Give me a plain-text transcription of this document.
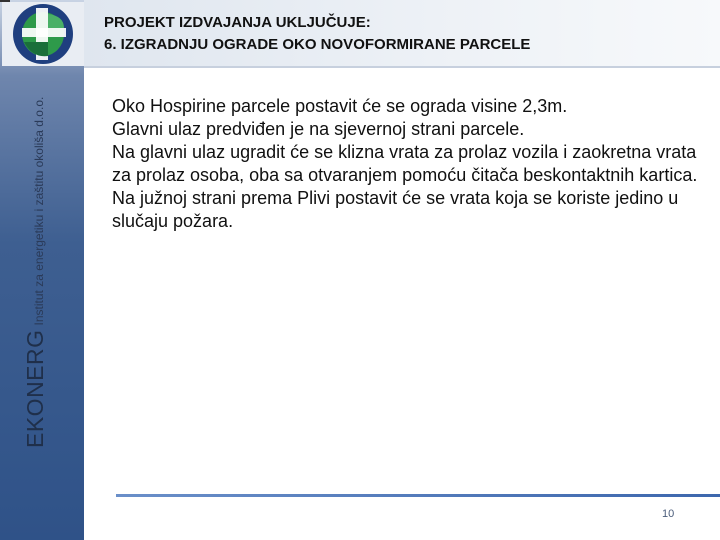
PROJEKT IZDVAJANJA UKLJUČUJE:
6. IZGRADNJU OGRADE OKO NOVOFORMIRANE PARCELE
EKONERG
Institut za energetiku i zaštitu okoliša d.o.o.	Oko Hospirine parcele postavit će se ograda visine 2,3m.

Glavni ulaz predviđen je na sjevernoj strani parcele.

Na glavni ulaz ugradit će se klizna vrata za prolaz vozila i zaokretna vrata za prolaz osoba, oba sa otvaranjem pomoću čitača beskontaktnih kartica.

Na južnoj strani prema Plivi postavit će se vrata koja se koriste jedino u slučaju požara.

10
